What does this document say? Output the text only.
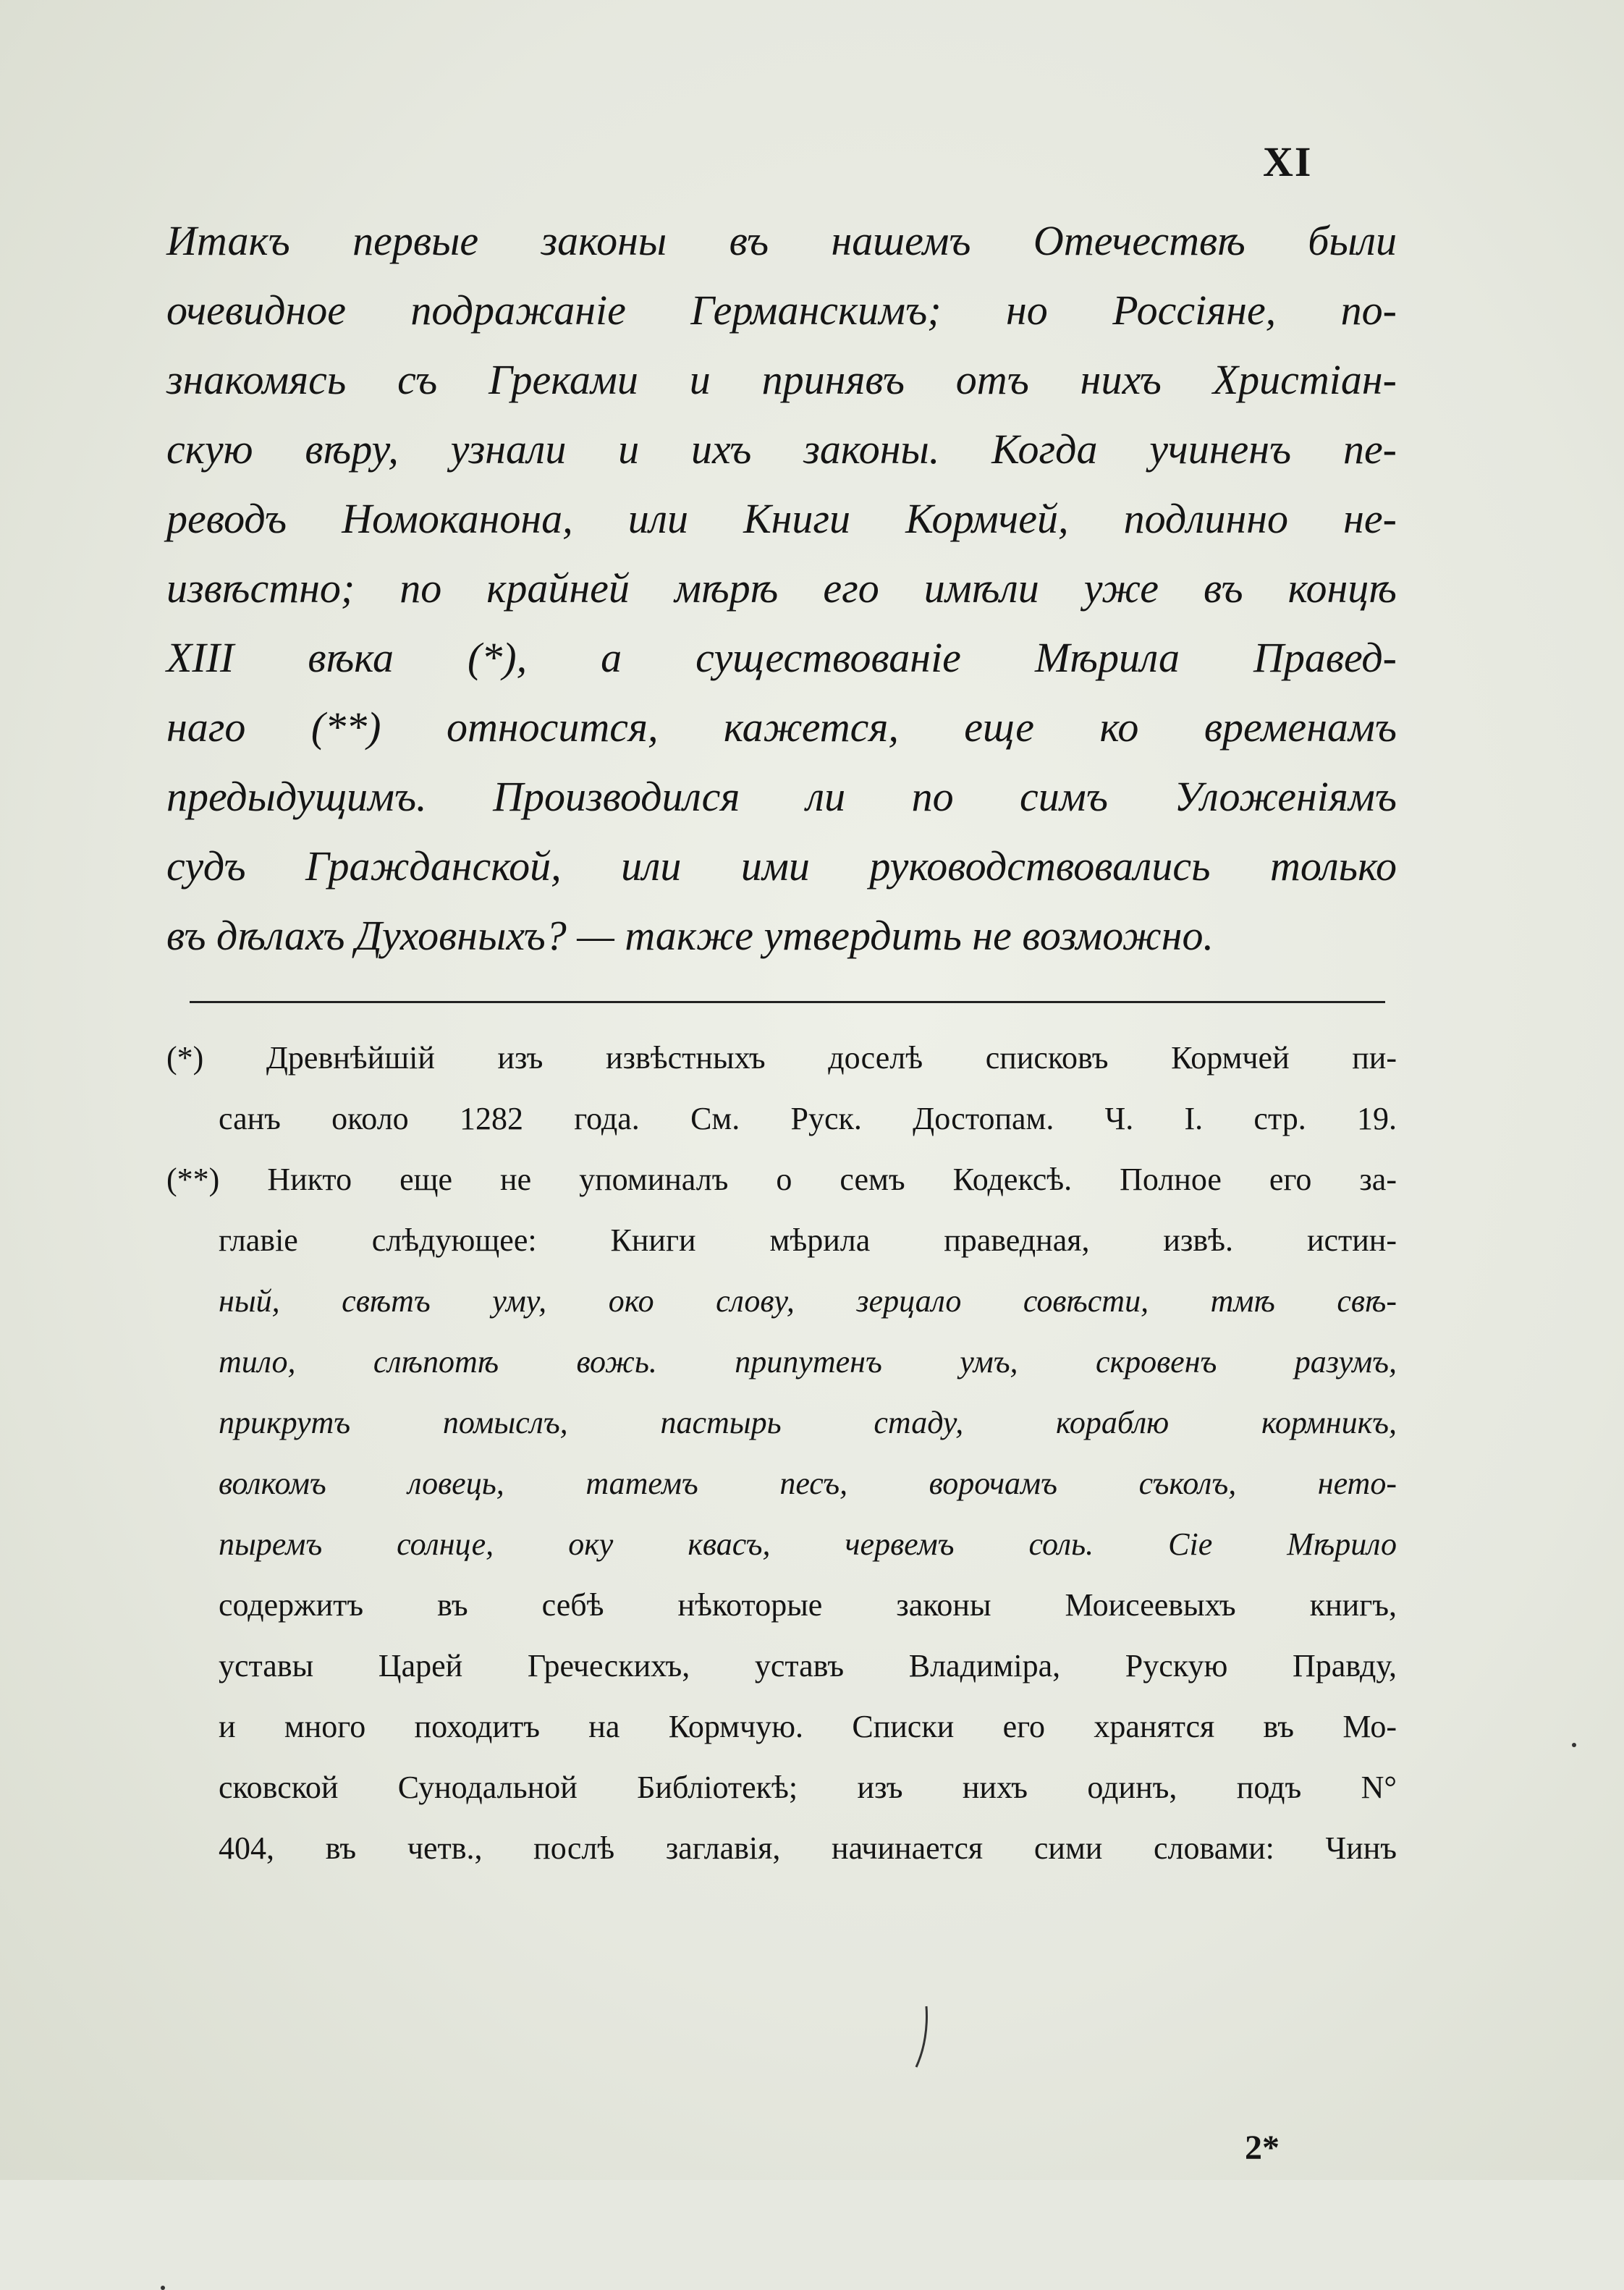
XI
Итакъ первые законы въ нашемъ Отечествѣ были
очевидное подражаніе Германскимъ; но Россіяне, по-
знакомясь съ Греками и принявъ отъ нихъ Христіан-
скую вѣру, узнали и ихъ законы. Когда учиненъ пе-
реводъ Номоканона, или Книги Кормчей, подлинно не-
извѣстно; по крайней мѣрѣ его имѣли уже въ концѣ
XIII вѣка (*), а существованіе Мѣрила Правед-
наго (**) относится, кажется, еще ко временамъ
предыдущимъ. Производился ли по симъ Уложеніямъ
судъ Гражданской, или ими руководствовались только
въ дѣлахъ Духовныхъ? — также утвердить не возможно.
(*) Древнѣйшій изъ извѣстныхъ доселѣ списковъ Кормчей пи-
санъ около 1282 года. См. Руск. Достопам. Ч. I. стр. 19.
(**) Никто еще не упоминалъ о семъ Кодексѣ. Полное его за-
главіе слѣдующее: Книги мѣрила праведная, извѣ. истин-
ный, свѣтъ уму, око слову, зерцало совѣсти, тмѣ свѣ-
тило, слѣпотѣ вожь. припутенъ умъ, скровенъ разумъ,
прикрутъ помыслъ, пастырь стаду, кораблю кормникъ,
волкомъ ловець, татемъ песъ, ворочамъ съколъ, нето-
пыремъ солнце, оку квасъ, червемъ соль. Сіе Мѣрило
содержитъ въ себѣ нѣкоторые законы Моисеевыхъ книгъ,
уставы Царей Греческихъ, уставъ Владиміра, Рускую Правду,
и много походитъ на Кормчую. Списки его хранятся въ Мо-
сковской Сунодальной Библіотекѣ; изъ нихъ одинъ, подъ N°
404, въ четв., послѣ заглавія, начинается сими словами: Чинъ
2*
